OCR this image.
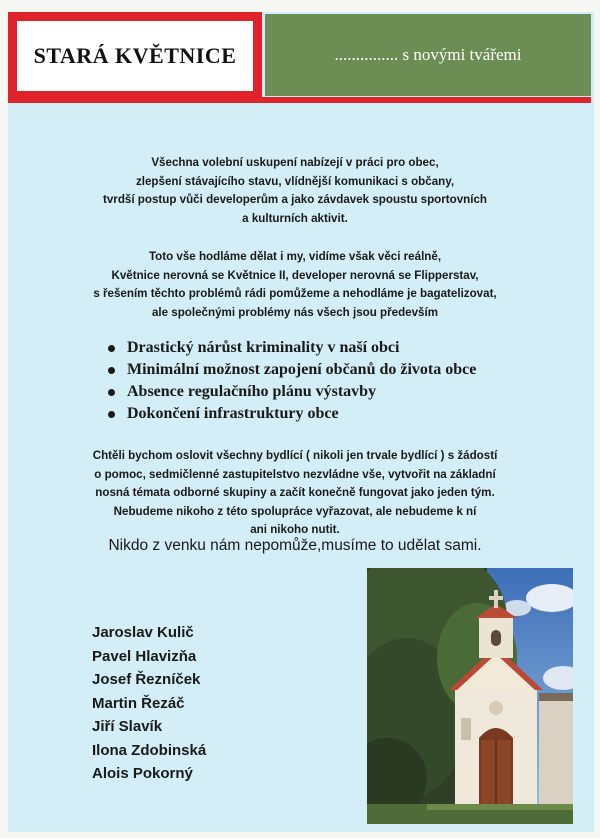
STARÁ KVĚTNICE	............... s novými tvářemi
Všechna volební uskupení nabízejí v práci pro obec,
zlepšení stávajícího stavu, vlídnější komunikaci s občany,
tvrdší postup vůči developerům a jako závdavek spoustu sportovních
a kulturních aktivit.
Toto vše hodláme dělat i my, vidíme však věci reálně,
Květnice nerovná se Květnice II, developer nerovná se Flipperstav,
s řešením těchto problémů rádi pomůžeme a nehodláme je bagatelizovat,
ale společnými problémy nás všech jsou především
Drastický nárůst kriminality v naší obci
Minimální možnost zapojení občanů do života obce
Absence regulačního plánu výstavby
Dokončení infrastruktury obce
Chtěli bychom oslovit všechny bydlící ( nikoli jen trvale bydlící ) s žádostí
o pomoc, sedmičlenné zastupitelstvo nezvládne vše, vytvořit na základní
nosná témata odborné skupiny a začít konečně fungovat jako jeden tým.
Nebudeme nikoho z této spolupráce vyřazovat, ale nebudeme k ní
ani nikoho nutit.
Nikdo z venku nám nepomůže,musíme to udělat sami.
Jaroslav Kulič
Pavel Hlavizňa
Josef Řezníček
Martin Řezáč
Jiří Slavík
Ilona Zdobinská
Alois Pokorný
